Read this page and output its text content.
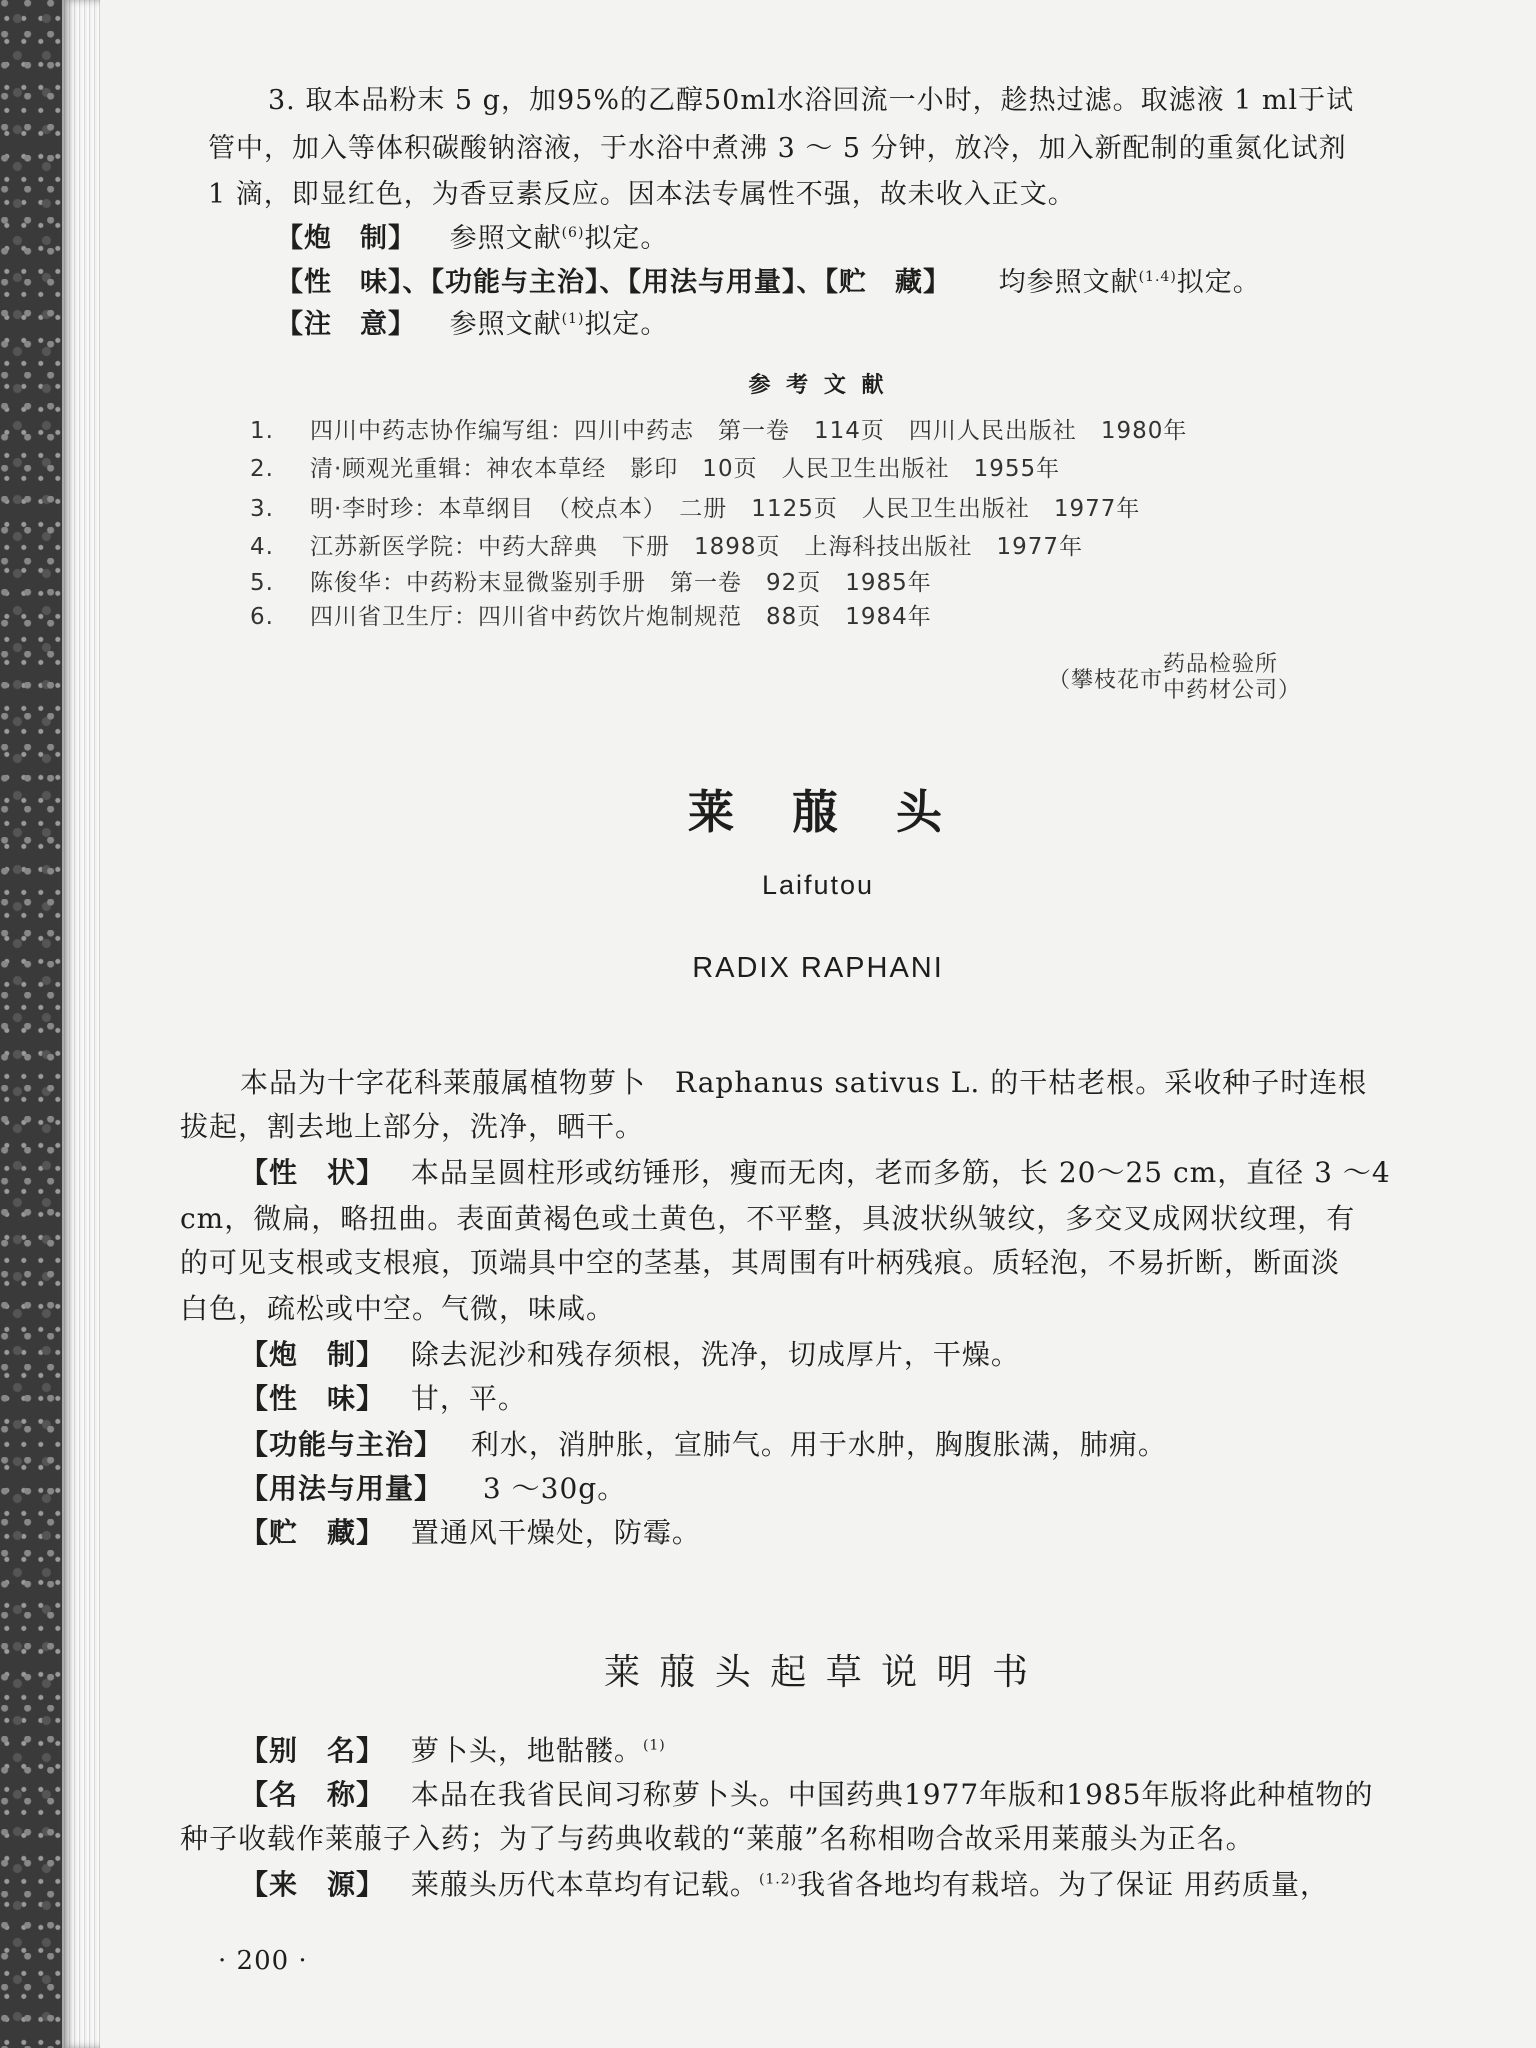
3. 取本品粉末 5 g，加95%的乙醇50ml水浴回流一小时，趁热过滤。取滤液 1 ml于试
管中，加入等体积碳酸钠溶液，于水浴中煮沸 3 ～ 5 分钟，放冷，加入新配制的重氮化试剂
1 滴，即显红色，为香豆素反应。因本法专属性不强，故未收入正文。
【炮　制】 参照文献$^{(6)}$拟定。
【性　味】、【功能与主治】、【用法与用量】、【贮　藏】 均参照文献$^{(1.4)}$拟定。
【注　意】 参照文献$^{(1)}$拟定。
参 考 文 献
1. 四川中药志协作编写组：四川中药志　第一卷　114页　四川人民出版社　1980年
2. 清·顾观光重辑：神农本草经　影印　10页　人民卫生出版社　1955年
3. 明·李时珍：本草纲目　（校点本）　二册　1125页　人民卫生出版社　1977年
4. 江苏新医学院：中药大辞典　下册　1898页　上海科技出版社　1977年
5. 陈俊华：中药粉末显微鉴别手册　第一卷　92页　1985年
6. 四川省卫生厅：四川省中药饮片炮制规范　88页　1984年
（攀枝花市
药品检验所
中药材公司）
莱　菔　头
Laifutou
RADIX RAPHANI
本品为十字花科莱菔属植物萝卜　Raphanus sativus L. 的干枯老根。采收种子时连根
拔起，割去地上部分，洗净，晒干。
【性　状】 本品呈圆柱形或纺锤形，瘦而无肉，老而多筋，长 20～25 cm，直径 3 ～4
cm，微扁，略扭曲。表面黄褐色或土黄色，不平整，具波状纵皱纹，多交叉成网状纹理，有
的可见支根或支根痕，顶端具中空的茎基，其周围有叶柄残痕。质轻泡，不易折断，断面淡
白色，疏松或中空。气微，味咸。
【炮　制】 除去泥沙和残存须根，洗净，切成厚片，干燥。
【性　味】 甘，平。
【功能与主治】 利水，消肿胀，宣肺气。用于水肿，胸腹胀满，肺痈。
【用法与用量】 3 ～30g。
【贮　藏】 置通风干燥处，防霉。
莱 菔 头 起 草 说 明 书
【别　名】 萝卜头，地骷髅。$^{(1)}$
【名　称】 本品在我省民间习称萝卜头。中国药典1977年版和1985年版将此种植物的
种子收载作莱菔子入药；为了与药典收载的“莱菔”名称相吻合故采用莱菔头为正名。
【来　源】 莱菔头历代本草均有记载。$^{(1.2)}$我省各地均有栽培。为了保证 用药质量，
· 200 ·
